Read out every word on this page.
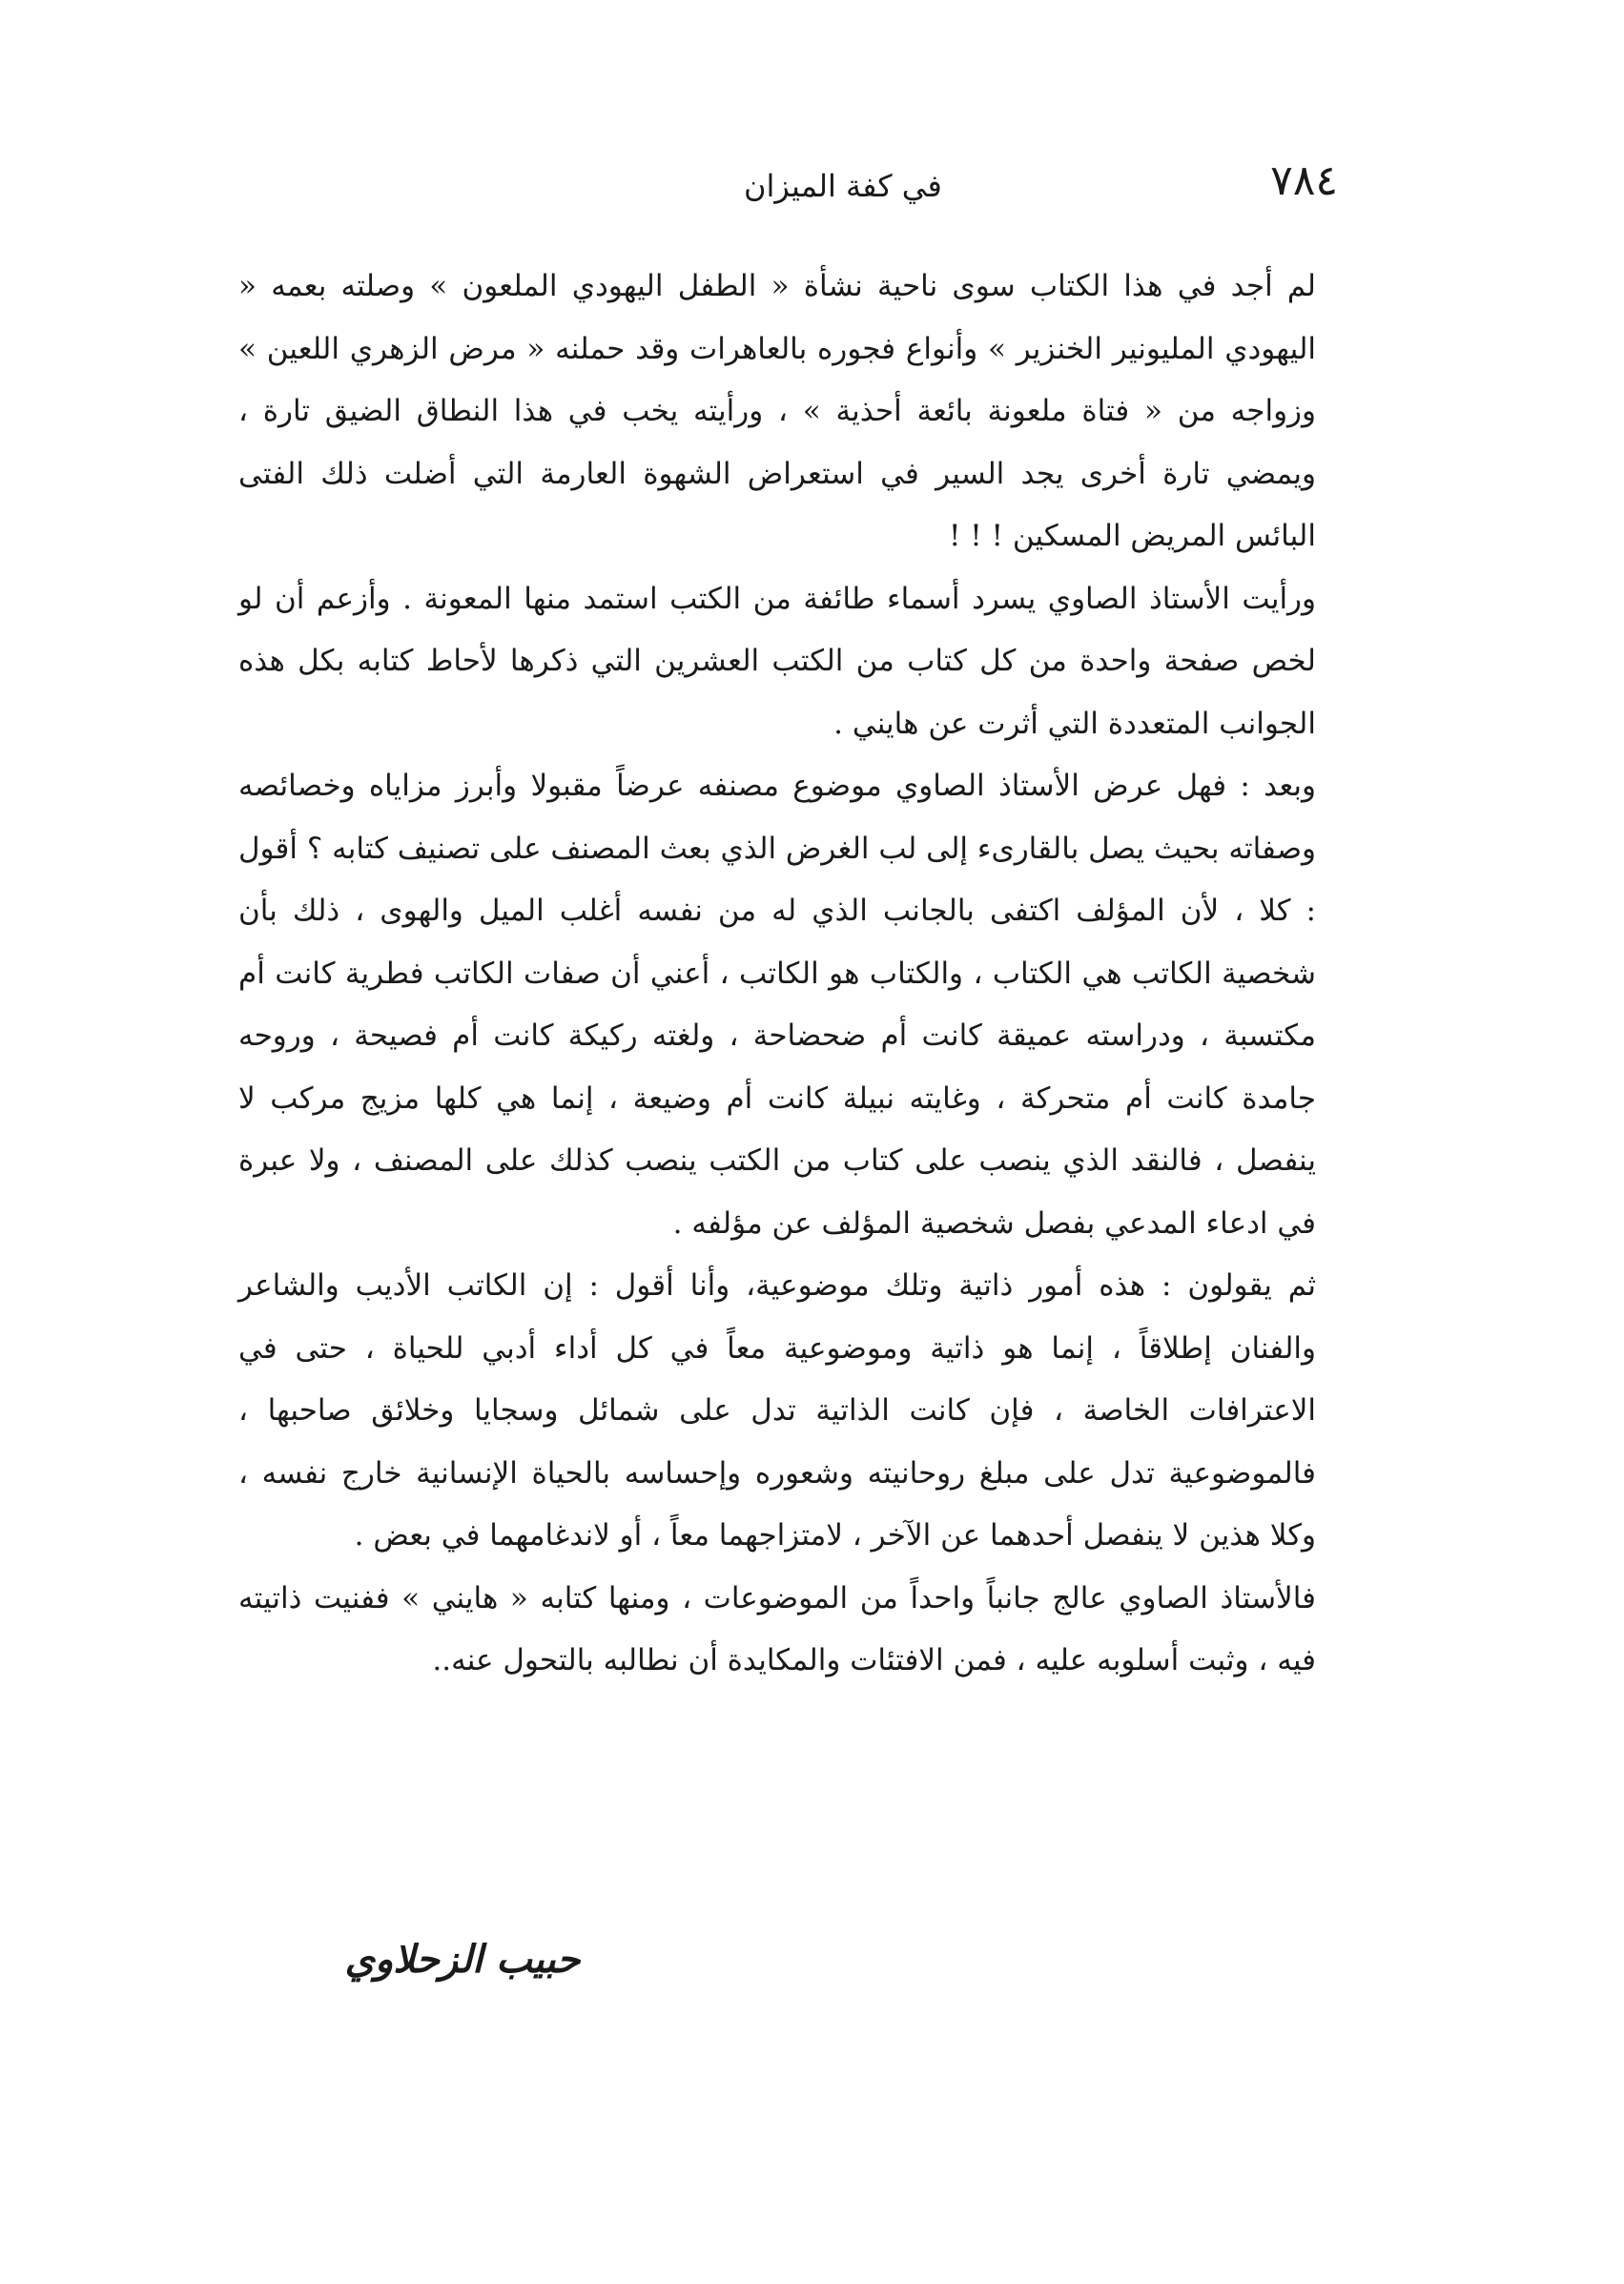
٧٨٤
في كفة الميزان

لم أجد في هذا الكتاب سوى ناحية نشأة « الطفل اليهودي الملعون » وصلته بعمه « اليهودي المليونير الخنزير » وأنواع فجوره بالعاهرات وقد حملنه « مرض الزهري اللعين » وزواجه من « فتاة ملعونة بائعة أحذية » ، ورأيته يخب في هذا النطاق الضيق تارة ، ويمضي تارة أخرى يجد السير في استعراض الشهوة العارمة التي أضلت ذلك الفتى البائس المريض المسكين ! ! !

ورأيت الأستاذ الصاوي يسرد أسماء طائفة من الكتب استمد منها المعونة . وأزعم أن لو لخص صفحة واحدة من كل كتاب من الكتب العشرين التي ذكرها لأحاط كتابه بكل هذه الجوانب المتعددة التي أثرت عن هايني .

وبعد : فهل عرض الأستاذ الصاوي موضوع مصنفه عرضاً مقبولا وأبرز مزاياه وخصائصه وصفاته بحيث يصل بالقارىء إلى لب الغرض الذي بعث المصنف على تصنيف كتابه ؟ أقول : كلا ، لأن المؤلف اكتفى بالجانب الذي له من نفسه أغلب الميل والهوى ، ذلك بأن شخصية الكاتب هي الكتاب ، والكتاب هو الكاتب ، أعني أن صفات الكاتب فطرية كانت أم مكتسبة ، ودراسته عميقة كانت أم ضحضاحة ، ولغته ركيكة كانت أم فصيحة ، وروحه جامدة كانت أم متحركة ، وغايته نبيلة كانت أم وضيعة ، إنما هي كلها مزيج مركب لا ينفصل ، فالنقد الذي ينصب على كتاب من الكتب ينصب كذلك على المصنف ، ولا عبرة في ادعاء المدعي بفصل شخصية المؤلف عن مؤلفه .

ثم يقولون : هذه أمور ذاتية وتلك موضوعية، وأنا أقول : إن الكاتب الأديب والشاعر والفنان إطلاقاً ، إنما هو ذاتية وموضوعية معاً في كل أداء أدبي للحياة ، حتى في الاعترافات الخاصة ، فإن كانت الذاتية تدل على شمائل وسجايا وخلائق صاحبها ، فالموضوعية تدل على مبلغ روحانيته وشعوره وإحساسه بالحياة الإنسانية خارج نفسه ، وكلا هذين لا ينفصل أحدهما عن الآخر ، لامتزاجهما معاً ، أو لاندغامهما في بعض .

فالأستاذ الصاوي عالج جانباً واحداً من الموضوعات ، ومنها كتابه « هايني » ففنيت ذاتيته فيه ، وثبت أسلوبه عليه ، فمن الافتئات والمكايدة أن نطالبه بالتحول عنه..

حبيب الزحلاوي
